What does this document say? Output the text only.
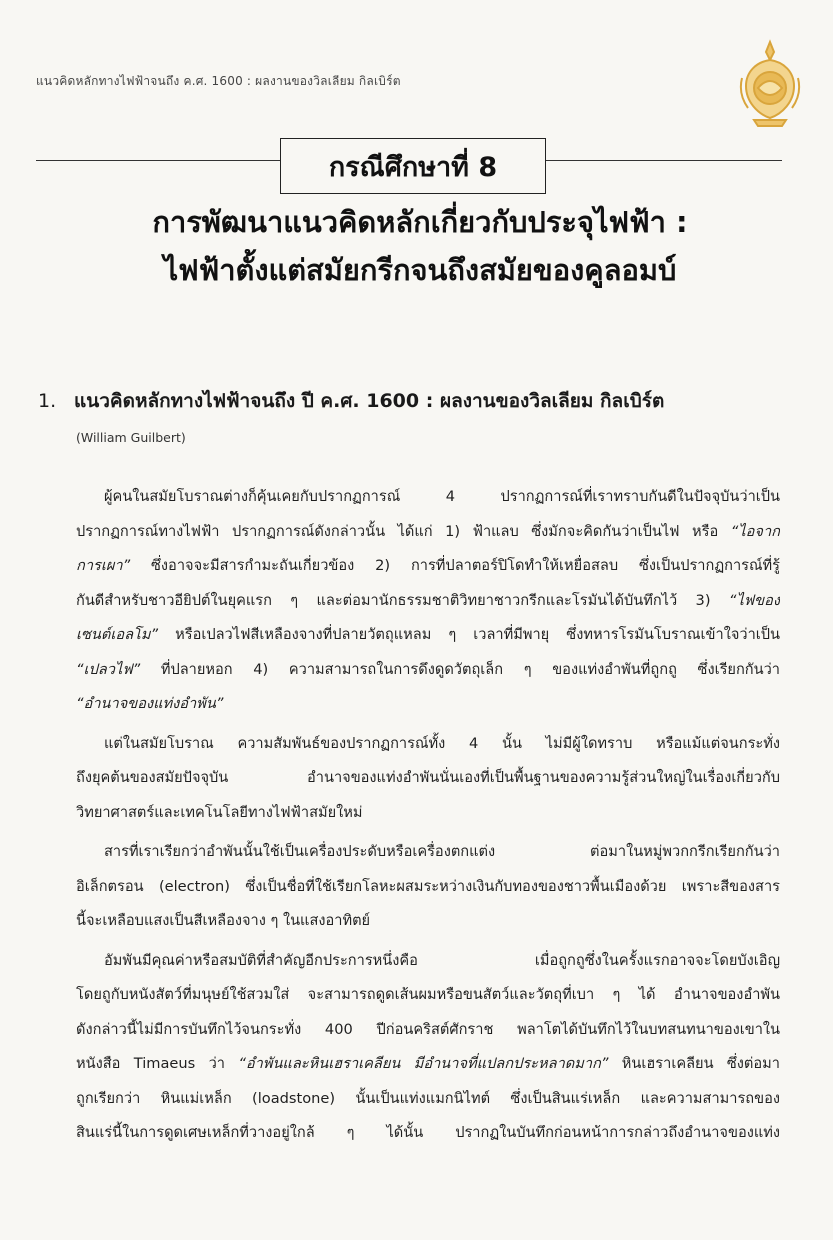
แนวคิดหลักทางไฟฟ้าจนถึง ค.ศ. 1600 : ผลงานของวิลเลียม กิลเบิร์ต
กรณีศึกษาที่ 8
การพัฒนาแนวคิดหลักเกี่ยวกับประจุไฟฟ้า :
ไฟฟ้าตั้งแต่สมัยกรีกจนถึงสมัยของคูลอมบ์
1. แนวคิดหลักทางไฟฟ้าจนถึง ปี ค.ศ. 1600 : ผลงานของวิลเลียม กิลเบิร์ต
(William Guilbert)
ผู้คนในสมัยโบราณต่างก็คุ้นเคยกับปรากฏการณ์ 4 ปรากฏการณ์ที่เราทราบกันดีในปัจจุบันว่าเป็น
ปรากฏการณ์ทางไฟฟ้า ปรากฏการณ์ดังกล่าวนั้น ได้แก่ 1) ฟ้าแลบ ซึ่งมักจะคิดกันว่าเป็นไฟ หรือ “ไอจาก
การเผา” ซึ่งอาจจะมีสารกำมะถันเกี่ยวข้อง 2) การที่ปลาตอร์ปิโดทำให้เหยื่อสลบ ซึ่งเป็นปรากฏการณ์ที่รู้
กันดีสำหรับชาวอียิปต์ในยุคแรก ๆ และต่อมานักธรรมชาติวิทยาชาวกรีกและโรมันได้บันทึกไว้ 3) “ไฟของ
เซนต์เอลโม” หรือเปลวไฟสีเหลืองจางที่ปลายวัตถุแหลม ๆ เวลาที่มีพายุ ซึ่งทหารโรมันโบราณเข้าใจว่าเป็น
“เปลวไฟ” ที่ปลายหอก 4) ความสามารถในการดึงดูดวัตถุเล็ก ๆ ของแท่งอำพันที่ถูกถู ซึ่งเรียกกันว่า
“อำนาจของแท่งอำพัน”
แต่ในสมัยโบราณ ความสัมพันธ์ของปรากฏการณ์ทั้ง 4 นั้น ไม่มีผู้ใดทราบ หรือแม้แต่จนกระทั่ง
ถึงยุคต้นของสมัยปัจจุบัน อำนาจของแท่งอำพันนั่นเองที่เป็นพื้นฐานของความรู้ส่วนใหญ่ในเรื่องเกี่ยวกับ
วิทยาศาสตร์และเทคโนโลยีทางไฟฟ้าสมัยใหม่
สารที่เราเรียกว่าอำพันนั้นใช้เป็นเครื่องประดับหรือเครื่องตกแต่ง ต่อมาในหมู่พวกกรีกเรียกกันว่า
อิเล็กตรอน (electron) ซึ่งเป็นชื่อที่ใช้เรียกโลหะผสมระหว่างเงินกับทองของชาวพื้นเมืองด้วย เพราะสีของสาร
นี้จะเหลือบแสงเป็นสีเหลืองจาง ๆ ในแสงอาทิตย์
อัมพันมีคุณค่าหรือสมบัติที่สำคัญอีกประการหนึ่งคือ เมื่อถูกถูซึ่งในครั้งแรกอาจจะโดยบังเอิญ
โดยถูกับหนังสัตว์ที่มนุษย์ใช้สวมใส่ จะสามารถดูดเส้นผมหรือขนสัตว์และวัตถุที่เบา ๆ ได้ อำนาจของอำพัน
ดังกล่าวนี้ไม่มีการบันทึกไว้จนกระทั่ง 400 ปีก่อนคริสต์ศักราช พลาโตได้บันทึกไว้ในบทสนทนาของเขาใน
หนังสือ Timaeus ว่า “อำพันและหินเฮราเคลียน มีอำนาจที่แปลกประหลาดมาก” หินเฮราเคลียน ซึ่งต่อมา
ถูกเรียกว่า หินแม่เหล็ก (loadstone) นั้นเป็นแท่งแมกนิไทต์ ซึ่งเป็นสินแร่เหล็ก และความสามารถของ
สินแร่นี้ในการดูดเศษเหล็กที่วางอยู่ใกล้ ๆ ได้นั้น ปรากฏในบันทึกก่อนหน้าการกล่าวถึงอำนาจของแท่ง
